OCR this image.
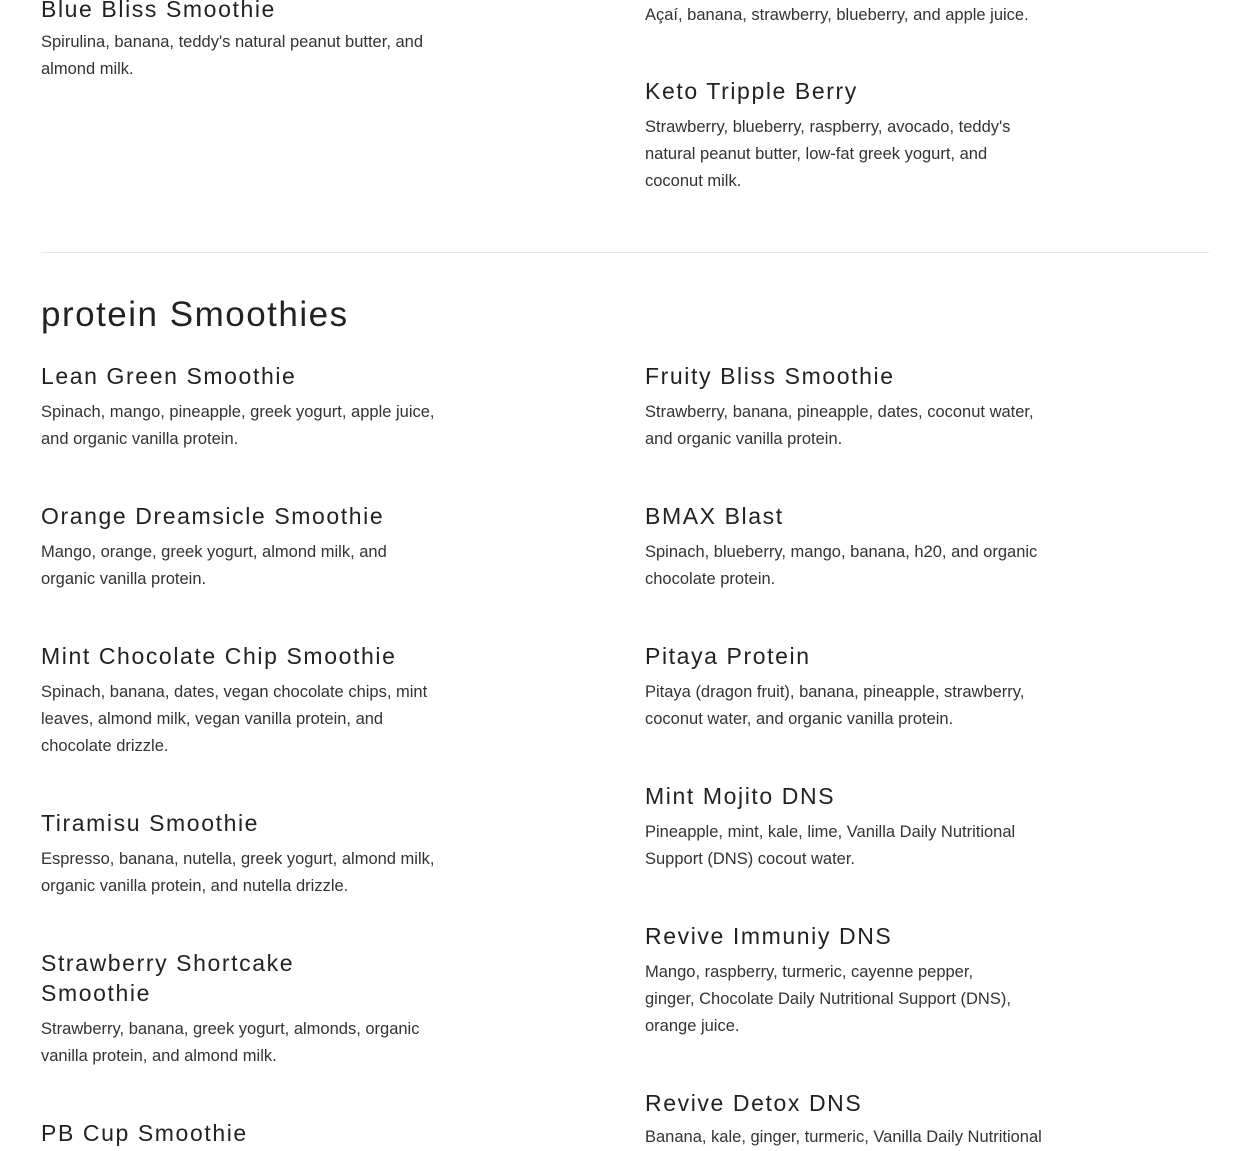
Blue Bliss Smoothie

Spirulina, banana, teddy's natural peanut butter, and almond milk.

Açaí, banana, strawberry, blueberry, and apple juice.

Keto Tripple Berry

Strawberry, blueberry, raspberry, avocado, teddy's natural peanut butter, low-fat greek yogurt, and coconut milk.

protein Smoothies
Lean Green Smoothie

Spinach, mango, pineapple, greek yogurt, apple juice, and organic vanilla protein.

Orange Dreamsicle Smoothie

Mango, orange, greek yogurt, almond milk, and organic vanilla protein.

Mint Chocolate Chip Smoothie

Spinach, banana, dates, vegan chocolate chips, mint leaves, almond milk, vegan vanilla protein, and chocolate drizzle.

Tiramisu Smoothie

Espresso, banana, nutella, greek yogurt, almond milk, organic vanilla protein, and nutella drizzle.

Strawberry Shortcake Smoothie

Strawberry, banana, greek yogurt, almonds, organic vanilla protein, and almond milk.

PB Cup Smoothie
Fruity Bliss Smoothie

Strawberry, banana, pineapple, dates, coconut water, and organic vanilla protein.

BMAX Blast

Spinach, blueberry, mango, banana, h20, and organic chocolate protein.

Pitaya Protein

Pitaya (dragon fruit), banana, pineapple, strawberry, coconut water, and organic vanilla protein.

Mint Mojito DNS

Pineapple, mint, kale, lime, Vanilla Daily Nutritional Support (DNS) cocout water.

Revive Immuniy DNS

Mango, raspberry, turmeric, cayenne pepper, ginger, Chocolate Daily Nutritional Support (DNS), orange juice.

Revive Detox DNS

Banana, kale, ginger, turmeric, Vanilla Daily Nutritional
